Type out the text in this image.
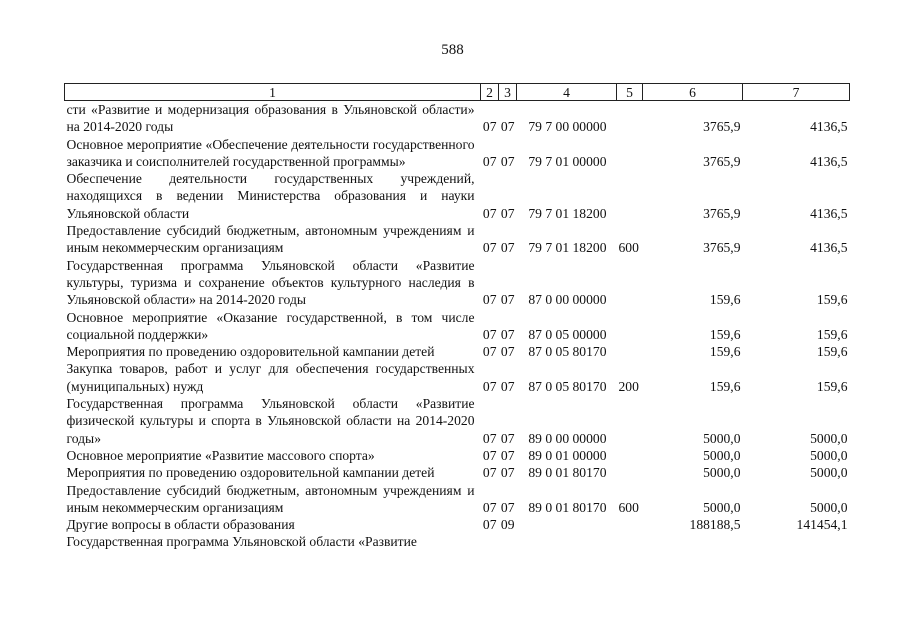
588
1	2	3	4	5	6	7
сти «Развитие и модернизация образования в Ульяновской области» на 2014-2020 годы	07	07	79 7 00 00000		3765,9	4136,5
Основное мероприятие «Обеспечение деятельности государственного заказчика и соисполнителей государственной программы»	07	07	79 7 01 00000		3765,9	4136,5
Обеспечение деятельности государственных учреждений, находящихся в ведении Министерства образования и науки Ульяновской области	07	07	79 7 01 18200		3765,9	4136,5
Предоставление субсидий бюджетным, автономным учреждениям и иным некоммерческим организациям	07	07	79 7 01 18200	600	3765,9	4136,5
Государственная программа Ульяновской области «Развитие культуры, туризма и сохранение объектов культурного наследия в Ульяновской области» на 2014-2020 годы	07	07	87 0 00 00000		159,6	159,6
Основное мероприятие «Оказание государственной, в том числе социальной поддержки»	07	07	87 0 05 00000		159,6	159,6
Мероприятия по проведению оздоровительной кампании детей	07	07	87 0 05 80170		159,6	159,6
Закупка товаров, работ и услуг для обеспечения государственных (муниципальных) нужд	07	07	87 0 05 80170	200	159,6	159,6
Государственная программа Ульяновской области «Развитие физической культуры и спорта в Ульяновской области на 2014-2020 годы»	07	07	89 0 00 00000		5000,0	5000,0
Основное мероприятие «Развитие массового спорта»	07	07	89 0 01 00000		5000,0	5000,0
Мероприятия по проведению оздоровительной кампании детей	07	07	89 0 01 80170		5000,0	5000,0
Предоставление субсидий бюджетным, автономным учреждениям и иным некоммерческим организациям	07	07	89 0 01 80170	600	5000,0	5000,0
Другие вопросы в области образования	07	09			188188,5	141454,1
Государственная программа Ульяновской области «Развитие						
